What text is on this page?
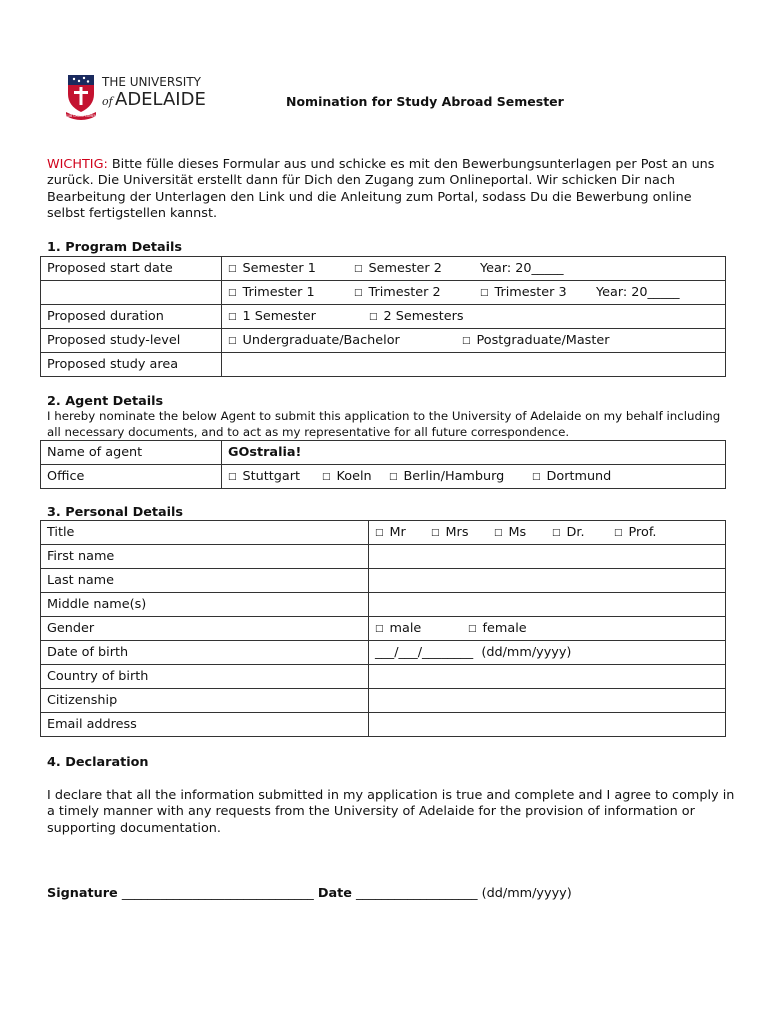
SUB CRUCE LUMEN
THE UNIVERSITY
of ADELAIDE	Nomination for Study Abroad Semester
WICHTIG: Bitte fülle dieses Formular aus und schicke es mit den Bewerbungsunterlagen per Post an uns zurück. Die Universität erstellt dann für Dich den Zugang zum Onlineportal. Wir schicken Dir nach Bearbeitung der Unterlagen den Link und die Anleitung zum Portal, sodass Du die Bewerbung online selbst fertigstellen kannst.
1. Program Details
Proposed start date	□ Semester 1 □ Semester 2 Year: 20_____
	□ Trimester 1 □ Trimester 2 □ Trimester 3 Year: 20_____
Proposed duration	□ 1 Semester □ 2 Semesters
Proposed study-level	□ Undergraduate/Bachelor □ Postgraduate/Master
Proposed study area	
2. Agent Details
I hereby nominate the below Agent to submit this application to the University of Adelaide on my behalf including all necessary documents, and to act as my representative for all future correspondence.
Name of agent	GOstralia!
Office	□ Stuttgart □ Koeln □ Berlin/Hamburg □ Dortmund
3. Personal Details
Title	□ Mr □ Mrs □ Ms □ Dr. □ Prof.
First name	
Last name	
Middle name(s)	
Gender	□ male □ female
Date of birth	___/___/________  (dd/mm/yyyy)
Country of birth	
Citizenship	
Email address	
4. Declaration
I declare that all the information submitted in my application is true and complete and I agree to comply in a timely manner with any requests from the University of Adelaide for the provision of information or supporting documentation.
Signature ______________________________ Date ___________________ (dd/mm/yyyy)
